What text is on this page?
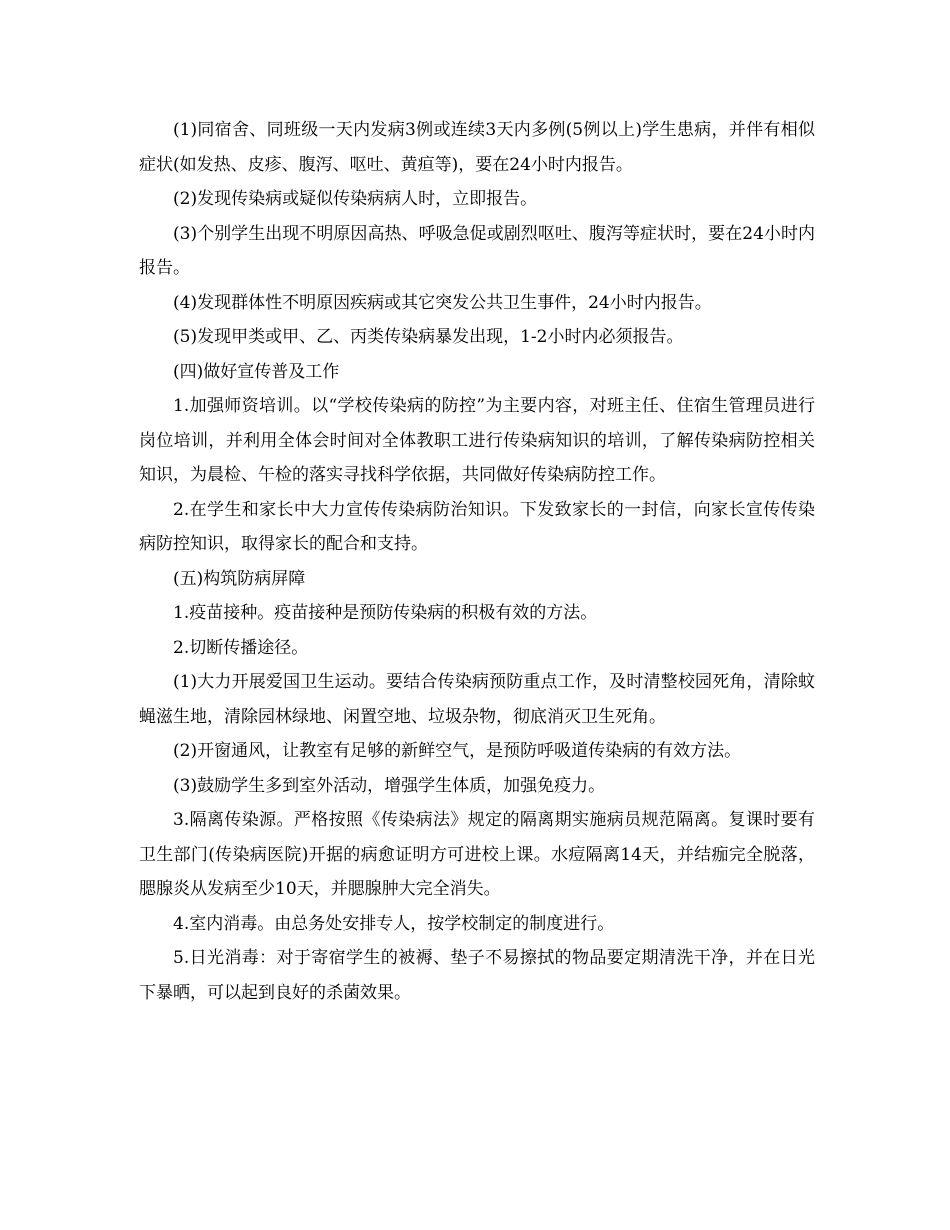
(1)同宿舍、同班级一天内发病3例或连续3天内多例(5例以上)学生患病，并伴有相似症状(如发热、皮疹、腹泻、呕吐、黄疸等)，要在24小时内报告。

(2)发现传染病或疑似传染病病人时，立即报告。

(3)个别学生出现不明原因高热、呼吸急促或剧烈呕吐、腹泻等症状时，要在24小时内报告。

(4)发现群体性不明原因疾病或其它突发公共卫生事件，24小时内报告。

(5)发现甲类或甲、乙、丙类传染病暴发出现，1-2小时内必须报告。

(四)做好宣传普及工作

1.加强师资培训。以“学校传染病的防控”为主要内容，对班主任、住宿生管理员进行岗位培训，并利用全体会时间对全体教职工进行传染病知识的培训，了解传染病防控相关知识，为晨检、午检的落实寻找科学依据，共同做好传染病防控工作。

2.在学生和家长中大力宣传传染病防治知识。下发致家长的一封信，向家长宣传传染病防控知识，取得家长的配合和支持。

(五)构筑防病屏障

1.疫苗接种。疫苗接种是预防传染病的积极有效的方法。

2.切断传播途径。

(1)大力开展爱国卫生运动。要结合传染病预防重点工作，及时清整校园死角，清除蚊蝇滋生地，清除园林绿地、闲置空地、垃圾杂物，彻底消灭卫生死角。

(2)开窗通风，让教室有足够的新鲜空气，是预防呼吸道传染病的有效方法。

(3)鼓励学生多到室外活动，增强学生体质，加强免疫力。

3.隔离传染源。严格按照《传染病法》规定的隔离期实施病员规范隔离。复课时要有卫生部门(传染病医院)开据的病愈证明方可进校上课。水痘隔离14天，并结痂完全脱落，腮腺炎从发病至少10天，并腮腺肿大完全消失。

4.室内消毒。由总务处安排专人，按学校制定的制度进行。

5.日光消毒：对于寄宿学生的被褥、垫子不易擦拭的物品要定期清洗干净，并在日光下暴晒，可以起到良好的杀菌效果。
